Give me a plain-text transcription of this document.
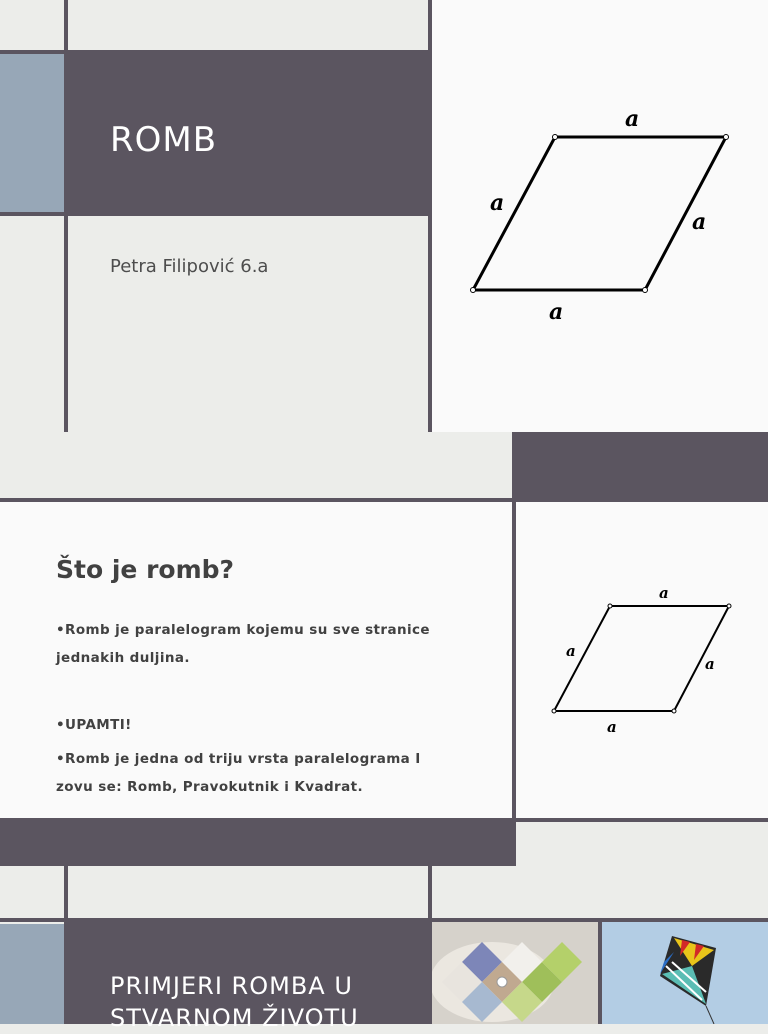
a
a
a
a
ROMB
Petra Filipović 6.a
a
a
a
a
Što je romb?
•Romb je paralelogram kojemu su sve stranice jednakih duljina.
•UPAMTI!
•Romb je jedna od triju vrsta paralelograma I zovu se: Romb, Pravokutnik i Kvadrat.
PRIMJERI ROMBA U STVARNOM ŽIVOTU
